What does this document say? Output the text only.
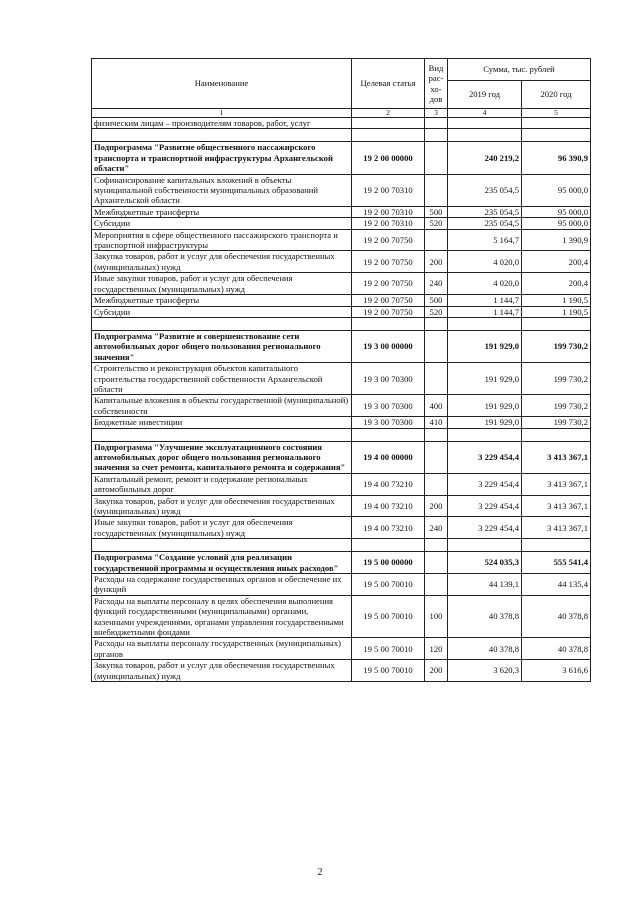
Наименование	Целевая статья	Вид рас-хо-дов	Сумма, тыс. рублей	
			2019 год	2020 год
1	2	3	4	5
физическим лицам – производителям товаров, работ, услуг				

Подпрограмма "Развитие общественного пассажирского транспорта и транспортной инфраструктуры Архангельской области"	19 2 00 00000		240 219,2	96 390,9
Софинансирование капитальных вложений в объекты муниципальной собственности муниципальных образований Архангельской области	19 2 00 70310		235 054,5	95 000,0
Межбюджетные трансферты	19 2 00 70310	500	235 054,5	95 000,0
Субсидии	19 2 00 70310	520	235 054,5	95 000,0
Мероприятия в сфере общественного пассажирского транспорта и транспортной инфраструктуры	19 2 00 70750		5 164,7	1 390,9
Закупка товаров, работ и услуг для обеспечения государственных (муниципальных) нужд	19 2 00 70750	200	4 020,0	200,4
Иные закупки товаров, работ и услуг для обеспечения государственных (муниципальных) нужд	19 2 00 70750	240	4 020,0	200,4
Межбюджетные трансферты	19 2 00 70750	500	1 144,7	1 190,5
Субсидии	19 2 00 70750	520	1 144,7	1 190,5

Подпрограмма "Развитие и совершенствование сети автомобильных дорог общего пользования регионального значения"	19 3 00 00000		191 929,0	199 730,2
Строительство и реконструкция объектов капитального строительства государственной собственности Архангельской области	19 3 00 70300		191 929,0	199 730,2
Капитальные вложения в объекты государственной (муниципальной) собственности	19 3 00 70300	400	191 929,0	199 730,2
Бюджетные инвестиции	19 3 00 70300	410	191 929,0	199 730,2

Подпрограмма "Улучшение эксплуатационного состояния автомобильных дорог общего пользования регионального значения за счет ремонта, капитального ремонта и содержания"	19 4 00 00000		3 229 454,4	3 413 367,1
Капитальный ремонт, ремонт и содержание региональных автомобильных дорог	19 4 00 73210		3 229 454,4	3 413 367,1
Закупка товаров, работ и услуг для обеспечения государственных (муниципальных) нужд	19 4 00 73210	200	3 229 454,4	3 413 367,1
Иные закупки товаров, работ и услуг для обеспечения государственных (муниципальных) нужд	19 4 00 73210	240	3 229 454,4	3 413 367,1

Подпрограмма "Создание условий для реализации государственной программы и осуществления иных расходов"	19 5 00 00000		524 035,3	555 541,4
Расходы на содержание государственных органов и обеспечение их функций	19 5 00 70010		44 139,1	44 135,4
Расходы на выплаты персоналу в целях обеспечения выполнения функций государственными (муниципальными) органами, казенными учреждениями, органами управления государственными внебюджетными фондами	19 5 00 70010	100	40 378,8	40 378,8
Расходы на выплаты персоналу государственных (муниципальных) органов	19 5 00 70010	120	40 378,8	40 378,8
Закупка товаров, работ и услуг для обеспечения государственных (муниципальных) нужд	19 5 00 70010	200	3 620,3	3 616,6
2
